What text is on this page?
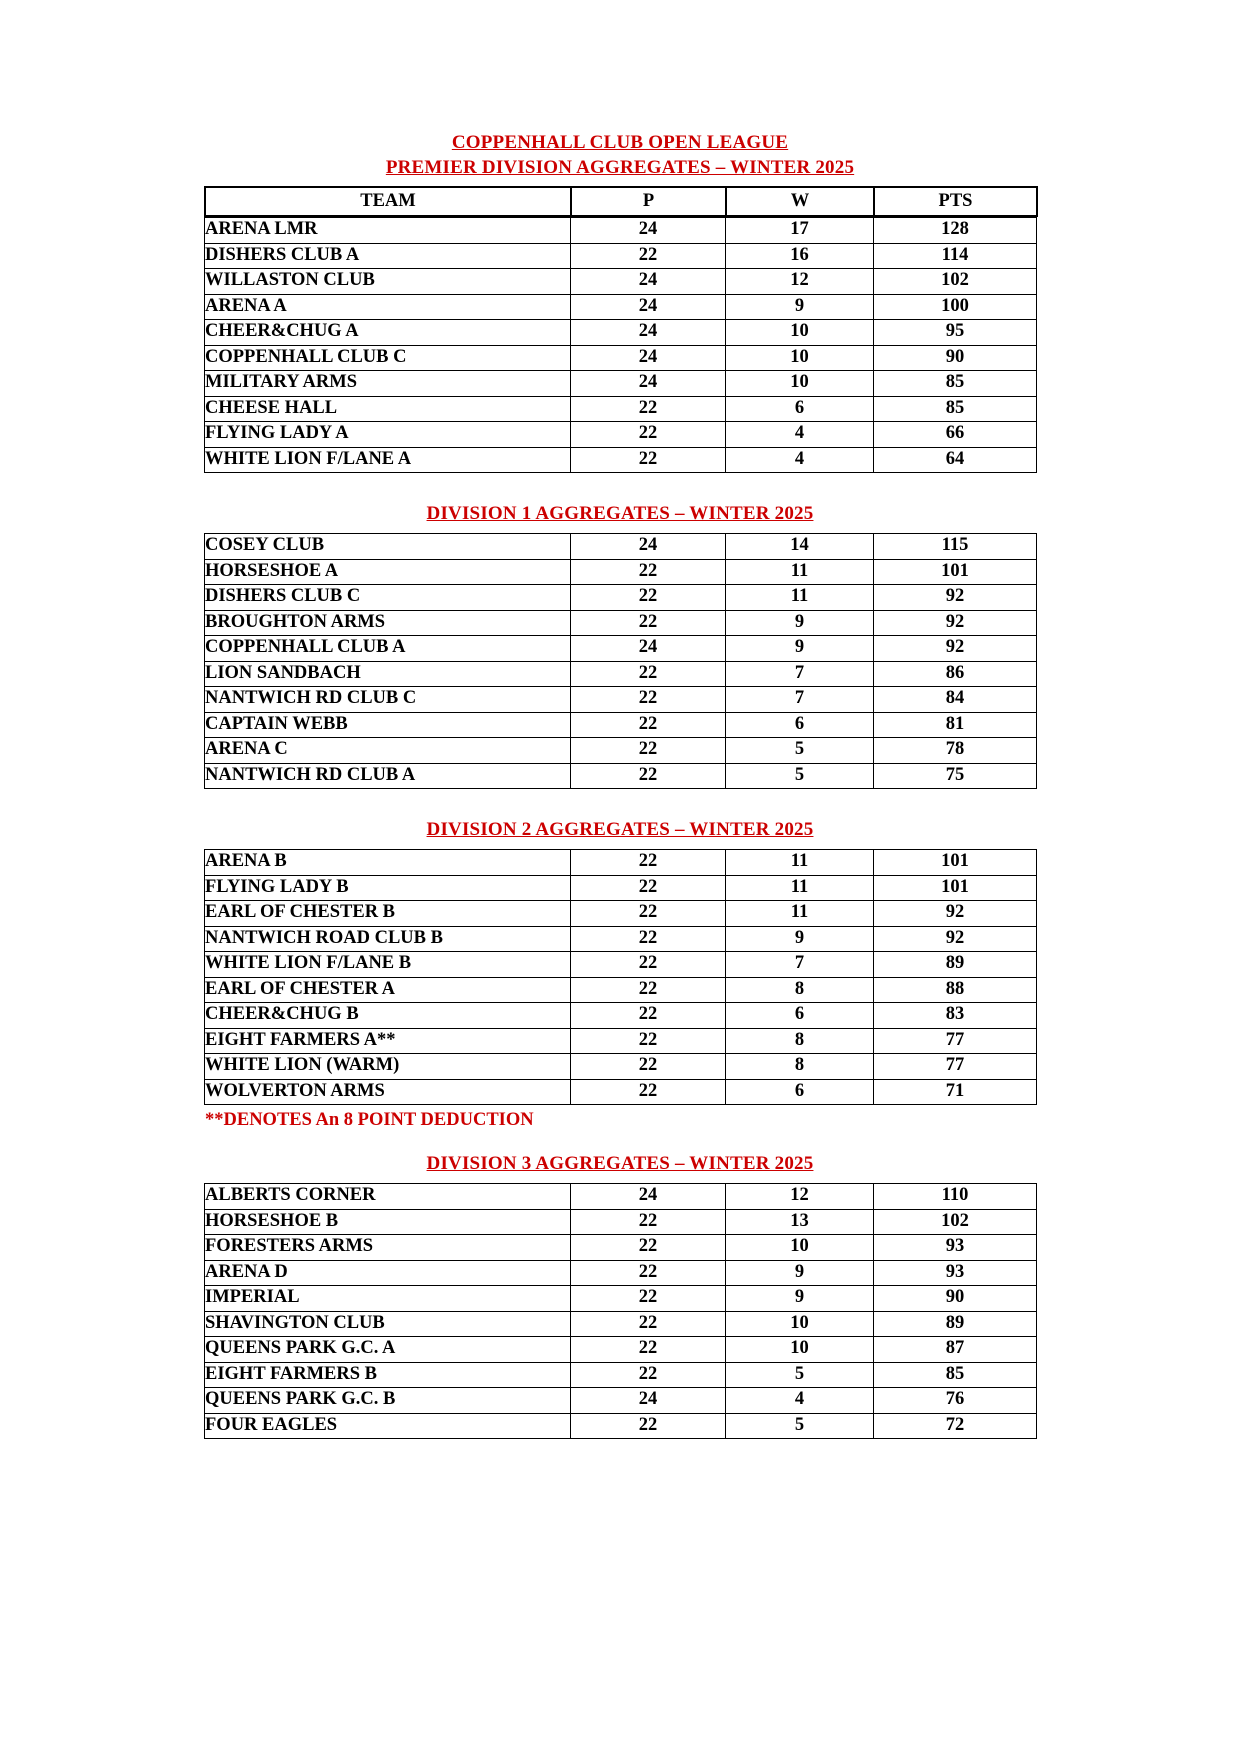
COPPENHALL CLUB OPEN LEAGUE
PREMIER DIVISION AGGREGATES – WINTER 2025
TEAM	P	W	PTS
ARENA LMR	24	17	128
DISHERS CLUB A	22	16	114
WILLASTON CLUB	24	12	102
ARENA A	24	9	100
CHEER&CHUG A	24	10	95
COPPENHALL CLUB C	24	10	90
MILITARY ARMS	24	10	85
CHEESE HALL	22	6	85
FLYING LADY A	22	4	66
WHITE LION F/LANE A	22	4	64
DIVISION 1 AGGREGATES – WINTER 2025
COSEY CLUB	24	14	115
HORSESHOE A	22	11	101
DISHERS CLUB C	22	11	92
BROUGHTON ARMS	22	9	92
COPPENHALL CLUB A	24	9	92
LION SANDBACH	22	7	86
NANTWICH RD CLUB C	22	7	84
CAPTAIN WEBB	22	6	81
ARENA C	22	5	78
NANTWICH RD CLUB A	22	5	75
DIVISION 2 AGGREGATES – WINTER 2025
ARENA B	22	11	101
FLYING LADY B	22	11	101
EARL OF CHESTER B	22	11	92
NANTWICH ROAD CLUB B	22	9	92
WHITE LION F/LANE B	22	7	89
EARL OF CHESTER A	22	8	88
CHEER&CHUG B	22	6	83
EIGHT FARMERS A**	22	8	77
WHITE LION (WARM)	22	8	77
WOLVERTON ARMS	22	6	71
**DENOTES An 8 POINT DEDUCTION
DIVISION 3 AGGREGATES – WINTER 2025
ALBERTS CORNER	24	12	110
HORSESHOE B	22	13	102
FORESTERS ARMS	22	10	93
ARENA D	22	9	93
IMPERIAL	22	9	90
SHAVINGTON CLUB	22	10	89
QUEENS PARK G.C. A	22	10	87
EIGHT FARMERS B	22	5	85
QUEENS PARK G.C. B	24	4	76
FOUR EAGLES	22	5	72
